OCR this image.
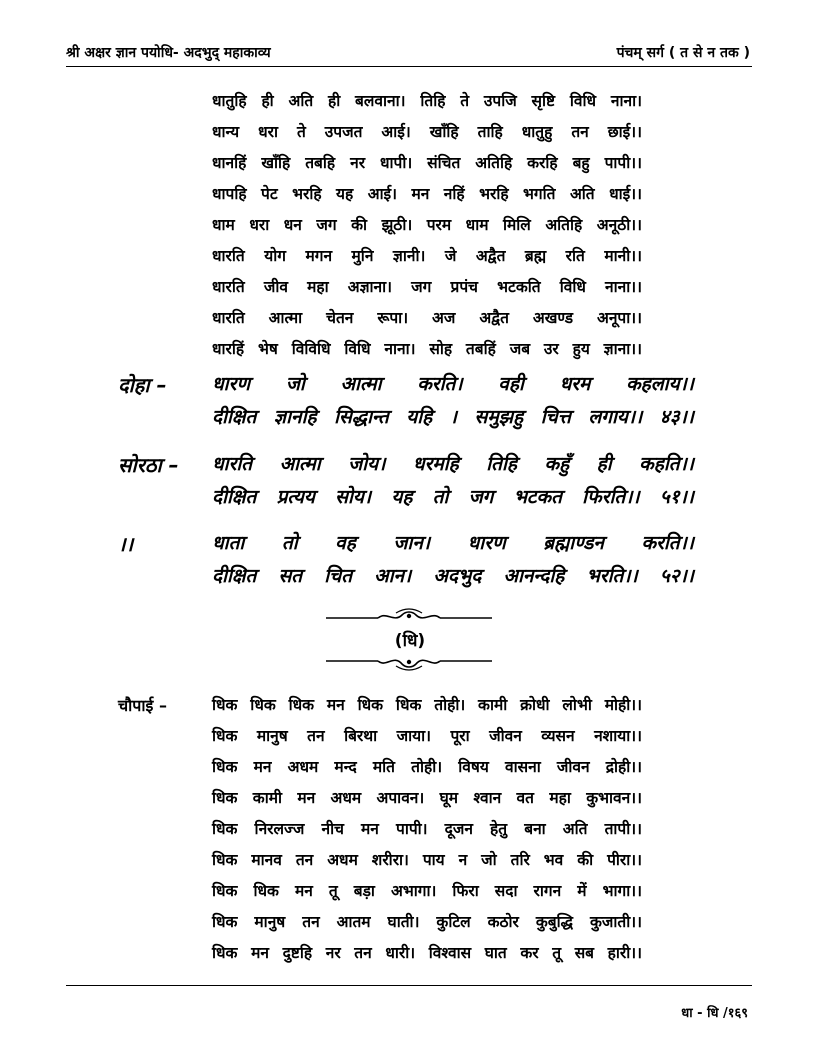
श्री अक्षर ज्ञान पयोधि- अदभुद् महाकाव्य	पंचम् सर्ग ( त से न तक )
धातुहि ही अति ही बलवाना। तिहि ते उपजि सृष्टि विधि नाना।
धान्य धरा ते उपजत आई। खाँहि ताहि धातुहु तन छाई।।
धानहिं खाँहि तबहि नर धापी। संचित अतिहि करहि बहु पापी।।
धापहि पेट भरहि यह आई। मन नहिं भरहि भगति अति धाई।।
धाम धरा धन जग की झूठी। परम धाम मिलि अतिहि अनूठी।।
धारति योग मगन मुनि ज्ञानी। जे अद्वैत ब्रह्म रति मानी।।
धारति जीव महा अज्ञाना। जग प्रपंच भटकति विधि नाना।।
धारति आत्मा चेतन रूपा। अज अद्वैत अखण्ड अनूपा।।
धारहिं भेष विविधि विधि नाना। सोह तबहिं जब उर हुय ज्ञाना।।
दोहा – धारण जो आत्मा करति। वही धरम कहलाय।।
दीक्षित ज्ञानहि सिद्धान्त यहि । समुझहु चित्त लगाय।। ४३।।
सोरठा – धारति आत्मा जोय। धरमहि तिहि कहुँ ही कहति।।
दीक्षित प्रत्यय सोय। यह तो जग भटकत फिरति।। ५१।।
।।	धाता तो वह जान। धारण ब्रह्माण्डन करति।।
दीक्षित सत चित आन। अदभुद आनन्दहि भरति।। ५२।।
(धि)
चौपाई –	धिक धिक धिक मन धिक धिक तोही। कामी क्रोधी लोभी मोही।।
धिक मानुष तन बिरथा जाया। पूरा जीवन व्यसन नशाया।।
धिक मन अधम मन्द मति तोही। विषय वासना जीवन द्रोही।।
धिक कामी मन अधम अपावन। घूम श्वान वत महा कुभावन।।
धिक निरलज्ज नीच मन पापी। दूजन हेतु बना अति तापी।।
धिक मानव तन अधम शरीरा। पाय न जो तरि भव की पीरा।।
धिक धिक मन तू बड़ा अभागा। फिरा सदा रागन में भागा।।
धिक मानुष तन आतम घाती। कुटिल कठोर कुबुद्धि कुजाती।।
धिक मन दुष्टहि नर तन धारी। विश्वास घात कर तू सब हारी।।
धा - धि /१६९
